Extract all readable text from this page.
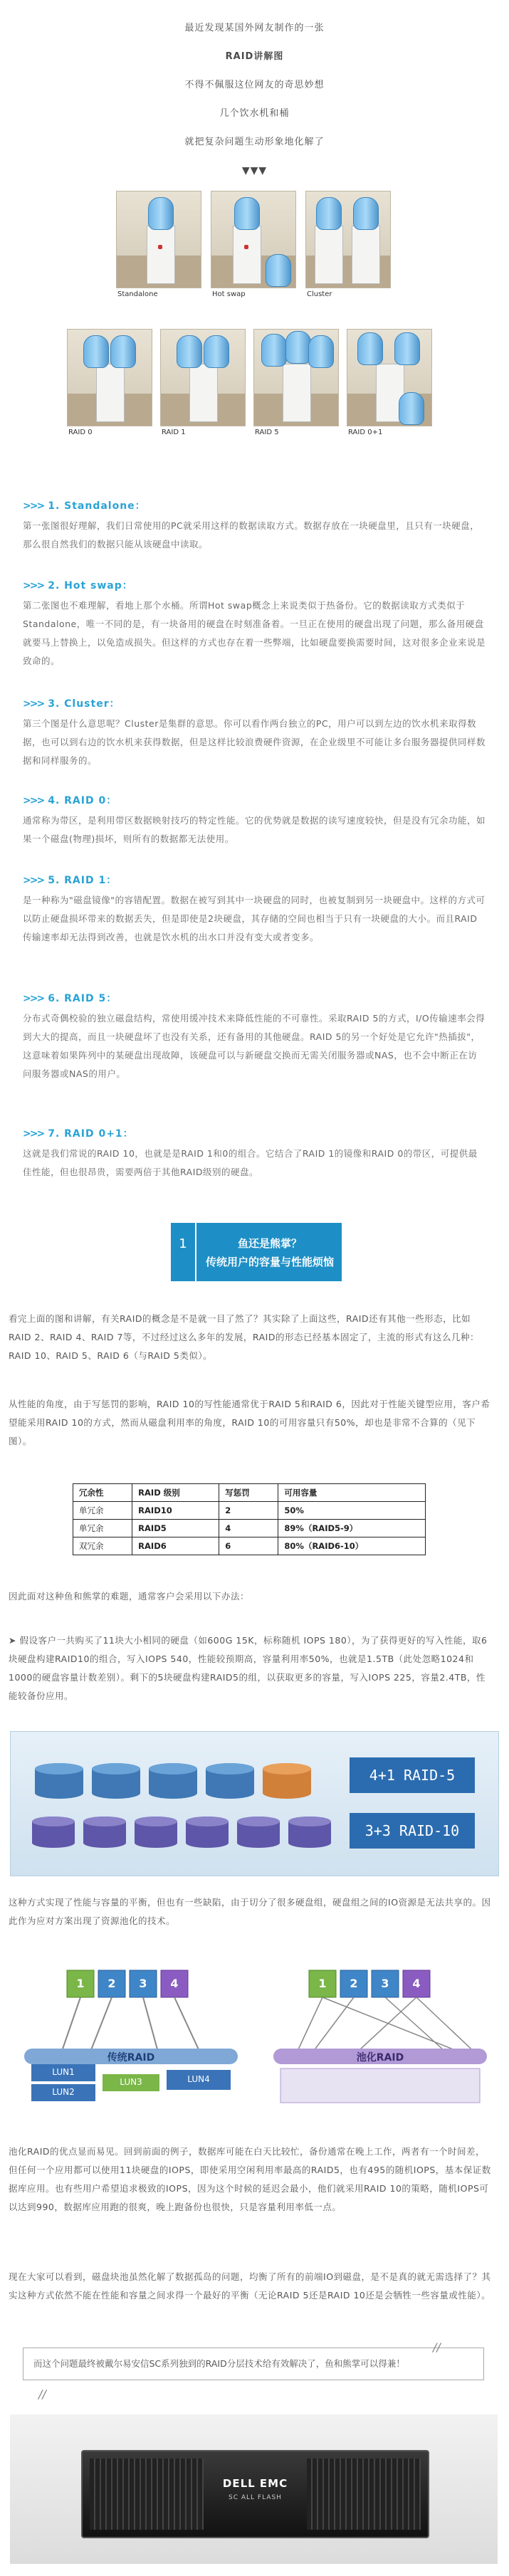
最近发现某国外网友制作的一张

RAID讲解图

不得不佩服这位网友的奇思妙想

几个饮水机和桶

就把复杂问题生动形象地化解了

▼▼▼

Standalone	Hot swap	Cluster
RAID 0	RAID 1	RAID 5	RAID 0+1
>>> 1. Standalone：

第一张图很好理解，我们日常使用的PC就采用这样的数据读取方式。数据存放在一块硬盘里，且只有一块硬盘，那么很自然我们的数据只能从该硬盘中读取。

>>> 2. Hot swap：

第二张图也不难理解，看地上那个水桶。所谓Hot swap概念上来说类似于热备份。它的数据读取方式类似于Standalone，唯一不同的是，有一块备用的硬盘在时刻准备着。一旦正在使用的硬盘出现了问题，那么备用硬盘就要马上替换上，以免造成损失。但这样的方式也存在着一些弊端，比如硬盘要换需要时间，这对很多企业来说是致命的。

>>> 3. Cluster：

第三个图是什么意思呢？Cluster是集群的意思。你可以看作两台独立的PC，用户可以到左边的饮水机来取得数据，也可以到右边的饮水机来获得数据，但是这样比较浪费硬件资源，在企业级里不可能让多台服务器提供同样数据和同样服务的。

>>> 4. RAID 0：

通常称为带区，是利用带区数据映射技巧的特定性能。它的优势就是数据的读写速度较快，但是没有冗余功能，如果一个磁盘(物理)损坏，则所有的数据都无法使用。

>>> 5. RAID 1：

是一种称为"磁盘镜像"的容错配置。数据在被写到其中一块硬盘的同时，也被复制到另一块硬盘中。这样的方式可以防止硬盘损坏带来的数据丢失，但是即使是2块硬盘，其存储的空间也相当于只有一块硬盘的大小。而且RAID传输速率却无法得到改善，也就是饮水机的出水口并没有变大或者变多。

>>> 6. RAID 5：

分布式奇偶校验的独立磁盘结构，常使用缓冲技术来降低性能的不可靠性。采取RAID 5的方式，I/O传输速率会得到大大的提高，而且一块硬盘坏了也没有关系，还有备用的其他硬盘。RAID 5的另一个好处是它允许"热插拔"，这意味着如果阵列中的某硬盘出现故障，该硬盘可以与新硬盘交换而无需关闭服务器或NAS，也不会中断正在访问服务器或NAS的用户。

>>> 7. RAID 0+1：

这就是我们常说的RAID 10，也就是是RAID 1和0的组合。它结合了RAID 1的镜像和RAID 0的带区，可提供最佳性能，但也很昂贵，需要两倍于其他RAID级别的硬盘。

1	鱼还是熊掌？
传统用户的容量与性能烦恼

看完上面的图和讲解，有关RAID的概念是不是就一目了然了？其实除了上面这些，RAID还有其他一些形态，比如RAID 2、RAID 4、RAID 7等，不过经过这么多年的发展，RAID的形态已经基本固定了，主流的形式有这么几种：RAID 10、RAID 5、RAID 6（与RAID 5类似）。

从性能的角度，由于写惩罚的影响，RAID 10的写性能通常优于RAID 5和RAID 6，因此对于性能关键型应用，客户希望能采用RAID 10的方式，然而从磁盘利用率的角度，RAID 10的可用容量只有50%，却也是非常不合算的（见下图）。

冗余性	RAID 级别	写惩罚	可用容量
单冗余	RAID10	2	50%
单冗余	RAID5	4	89%（RAID5-9）
双冗余	RAID6	6	80%（RAID6-10）

因此面对这种鱼和熊掌的难题，通常客户会采用以下办法：

➤ 假设客户一共购买了11块大小相同的硬盘（如600G 15K，标称随机 IOPS 180），为了获得更好的写入性能，取6块硬盘构建RAID10的组合，写入IOPS 540，性能较预期高，容量利用率50%，也就是1.5TB（此处忽略1024和1000的硬盘容量计数差别）。剩下的5块硬盘构建RAID5的组，以获取更多的容量，写入IOPS 225，容量2.4TB，性能较备份应用。

4+1 RAID-5
3+3 RAID-10

这种方式实现了性能与容量的平衡，但也有一些缺陷，由于切分了很多硬盘组，硬盘组之间的IO资源是无法共享的。因此作为应对方案出现了资源池化的技术。

1	2	3	4	1	2	3	4
传统RAID	池化RAID
LUN1
LUN2
LUN3	LUN4

池化RAID的优点显而易见。回到前面的例子，数据库可能在白天比较忙，备份通常在晚上工作，两者有一个时间差，但任何一个应用都可以使用11块硬盘的IOPS，即使采用空闲利用率最高的RAID5，也有495的随机IOPS，基本保证数据库应用。也有些用户希望追求极致的IOPS，因为这个时候的延迟会最小，他们就采用RAID 10的策略，随机IOPS可以达到990，数据库应用跑的很爽，晚上跑备份也很快，只是容量利用率低一点。

现在大家可以看到，磁盘块池虽然化解了数据孤岛的问题，均衡了所有的前端IO到磁盘，是不是真的就无需选择了？其实这种方式依然不能在性能和容量之间求得一个最好的平衡（无论RAID 5还是RAID 10还是会牺牲一些容量或性能）。

而这个问题最终被戴尔易安信SC系列独到的RAID分层技术给有效解决了，鱼和熊掌可以得兼！

//
//
DELL EMC
SC ALL FLASH
